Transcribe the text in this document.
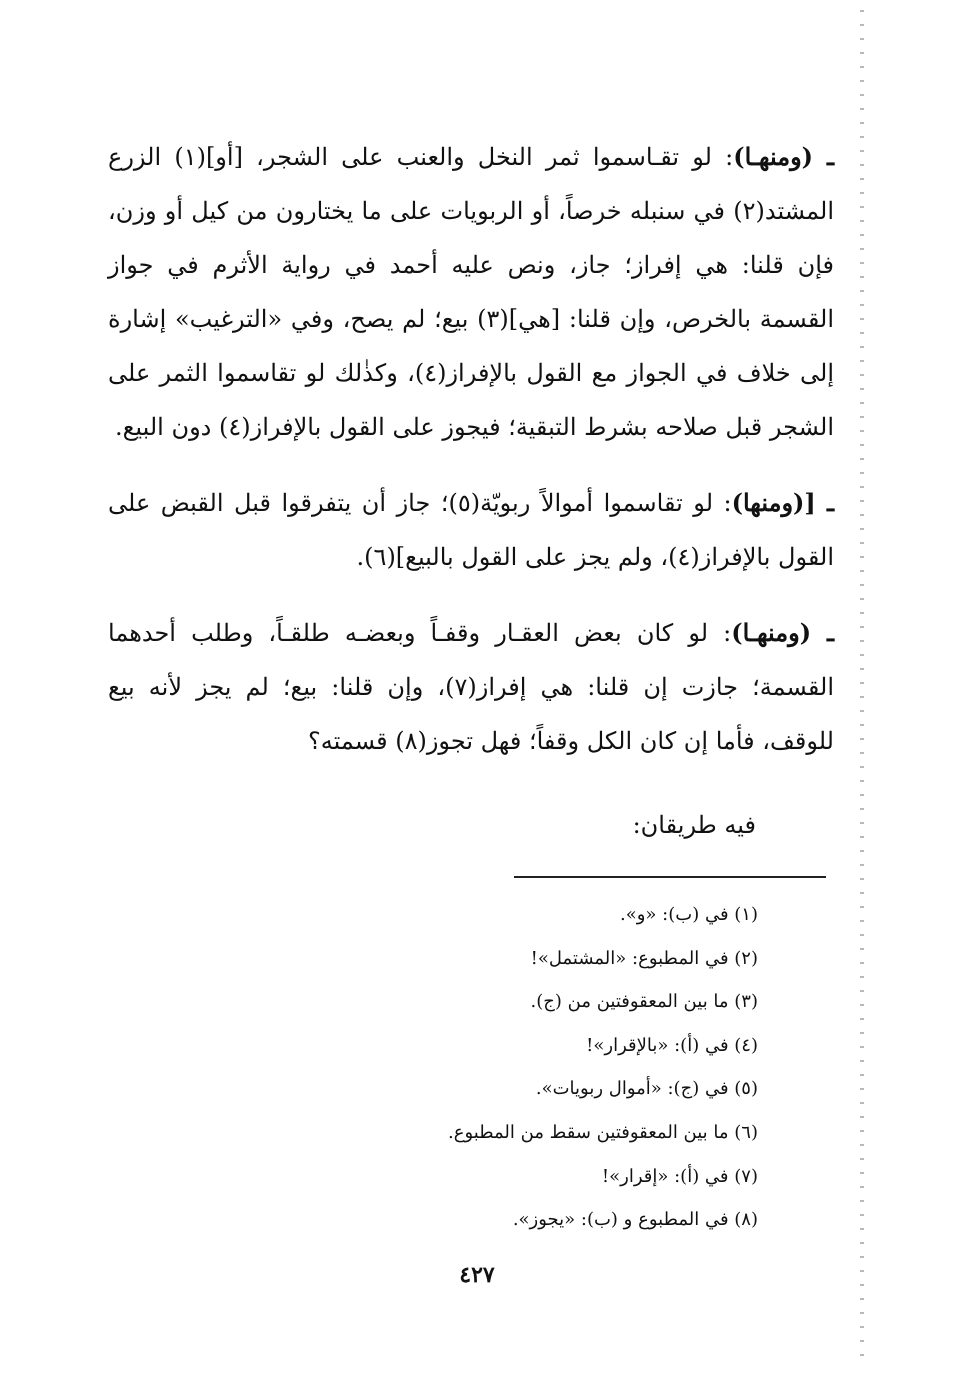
ـ (ومنهـا): لو تقـاسموا ثمر النخل والعنب على الشجر، [أو](١) الزرع المشتد(٢) في سنبله خرصاً، أو الربويات على ما يختارون من كيل أو وزن، فإن قلنا: هي إفراز؛ جاز، ونص عليه أحمد في رواية الأثرم في جواز القسمة بالخرص، وإن قلنا: [هي](٣) بيع؛ لم يصح، وفي «الترغيب» إشارة إلى خلاف في الجواز مع القول بالإفراز(٤)، وكذٰلك لو تقاسموا الثمر على الشجر قبل صلاحه بشرط التبقية؛ فيجوز على القول بالإفراز(٤) دون البيع.

ـ [(ومنها): لو تقاسموا أموالاً ربويّة(٥)؛ جاز أن يتفرقوا قبل القبض على القول بالإفراز(٤)، ولم يجز على القول بالبيع](٦).

ـ (ومنهـا): لو كان بعض العقـار وقفـاً وبعضـه طلقـاً، وطلب أحدهما القسمة؛ جازت إن قلنا: هي إفراز(٧)، وإن قلنا: بيع؛ لم يجز لأنه بيع للوقف، فأما إن كان الكل وقفاً؛ فهل تجوز(٨) قسمته؟

فيه طريقان:
(١) في (ب): «و».
(٢) في المطبوع: «المشتمل»!
(٣) ما بين المعقوفتين من (ج).
(٤) في (أ): «بالإقرار»!
(٥) في (ج): «أموال ربويات».
(٦) ما بين المعقوفتين سقط من المطبوع.
(٧) في (أ): «إقرار»!
(٨) في المطبوع و (ب): «يجوز».
٤٢٧
